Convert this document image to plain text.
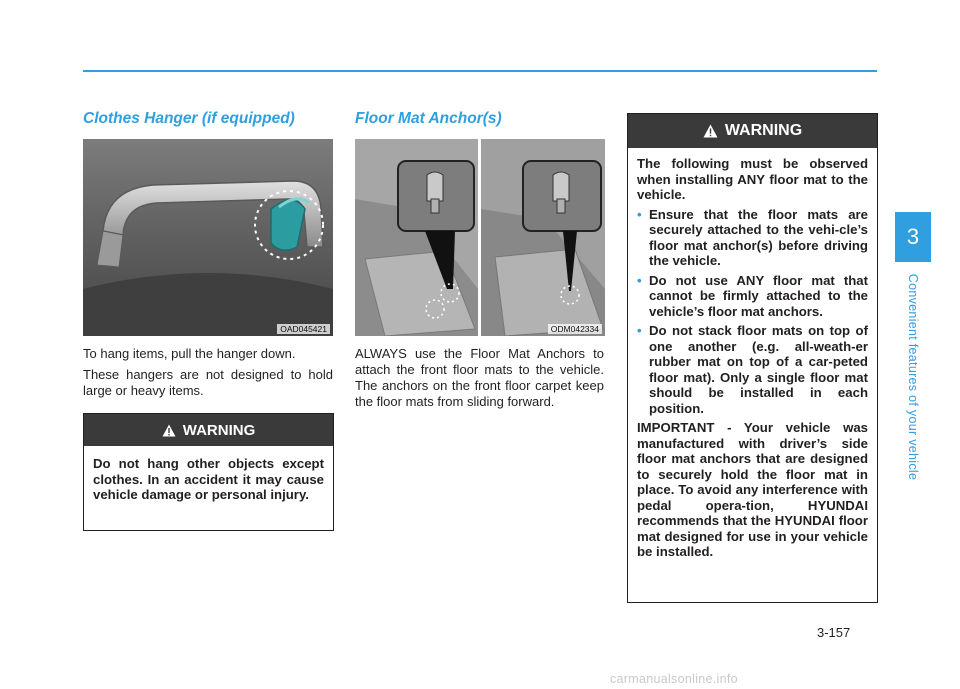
Clothes Hanger (if equipped)
OAD045421

To hang items, pull the hanger down.

These hangers are not designed to hold large or heavy items.

WARNING

Do not hang other objects except clothes. In an accident it may cause vehicle damage or personal injury.

Floor Mat Anchor(s)
ODM042334

ALWAYS use the Floor Mat Anchors to attach the front floor mats to the vehicle. The anchors on the front floor carpet keep the floor mats from sliding forward.

WARNING

The following must be observed when installing ANY floor mat to the vehicle.

• Ensure that the floor mats are securely attached to the vehi-cle’s floor mat anchor(s) before driving the vehicle.
• Do not use ANY floor mat that cannot be firmly attached to the vehicle’s floor mat anchors.
• Do not stack floor mats on top of one another (e.g. all-weath-er rubber mat on top of a car-peted floor mat). Only a single floor mat should be installed in each position.

IMPORTANT - Your vehicle was manufactured with driver’s side floor mat anchors that are designed to securely hold the floor mat in place. To avoid any interference with pedal opera-tion, HYUNDAI recommends that the HYUNDAI floor mat designed for use in your vehicle be installed.

3
Convenient features of your vehicle
3-157
carmanualsonline.info
